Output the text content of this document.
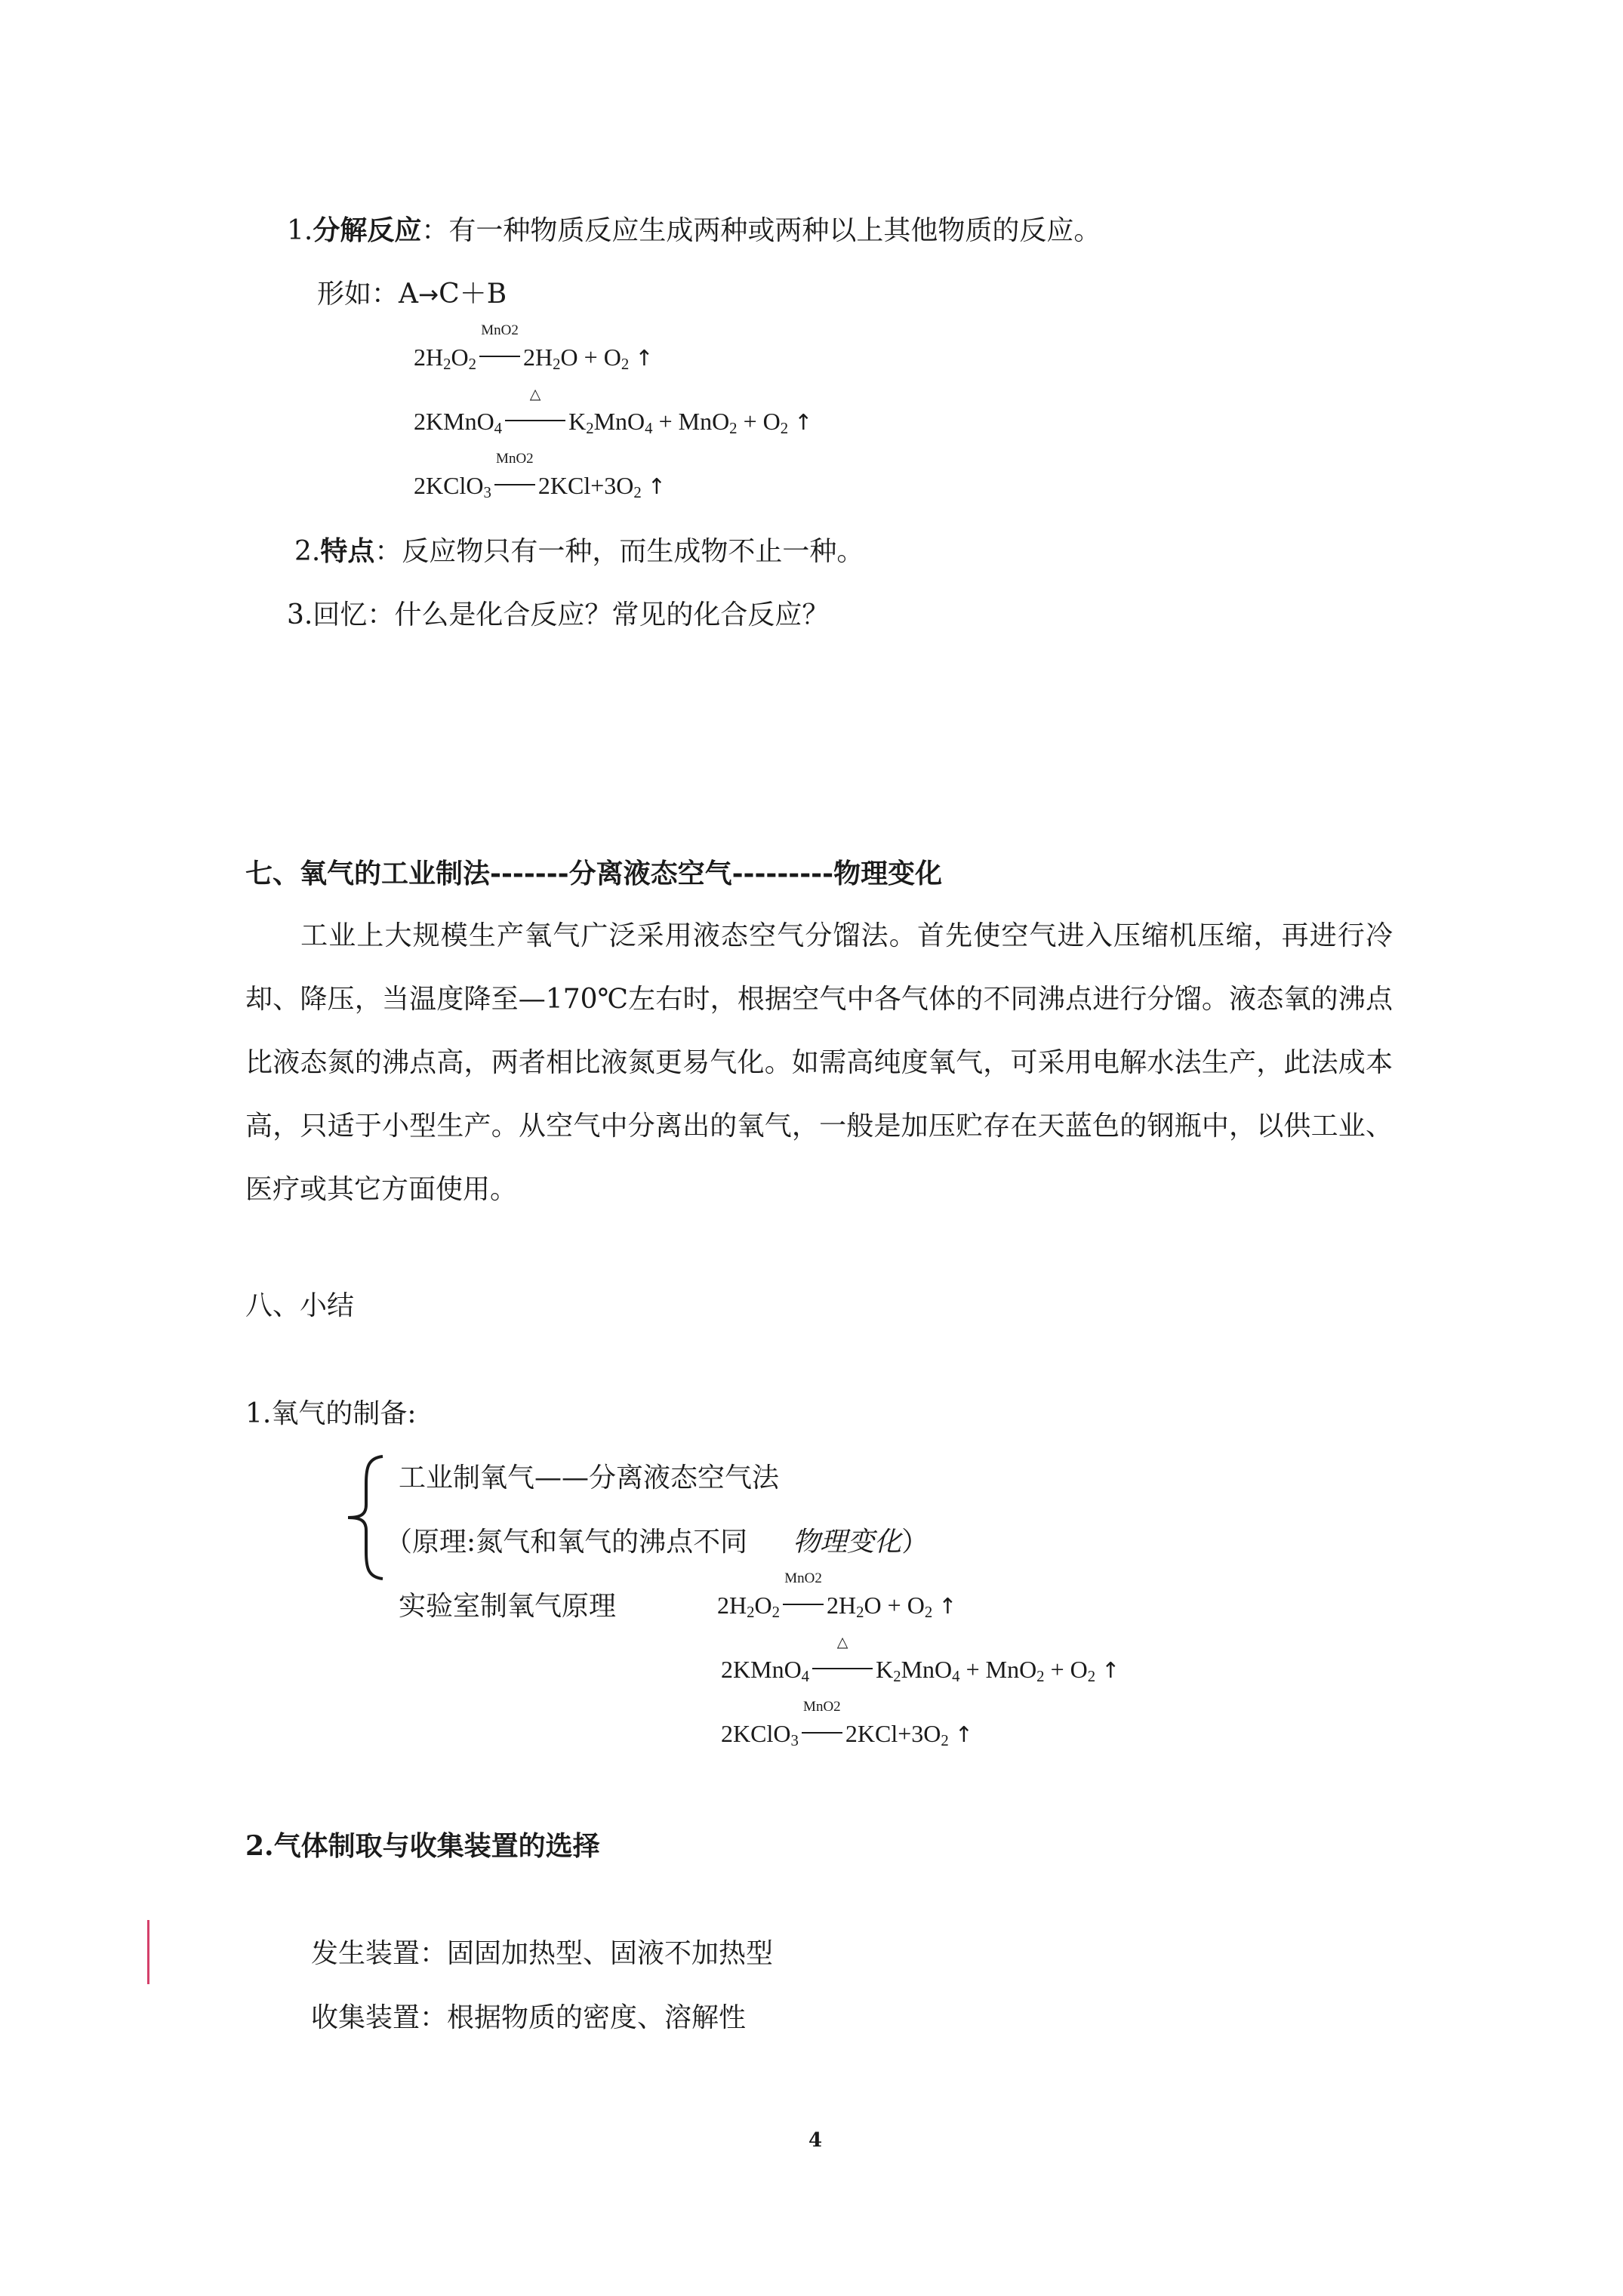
1.分解反应：有一种物质反应生成两种或两种以上其他物质的反应。
形如：A→C＋B
$2H_2O_2$
MnO2
$2H_2O + O_2$ ↑
2KMnO$_4$
△
$K_2MnO_4 + MnO_2 + O_2$ ↑
2KClO$_3$
MnO2
$2KCl+3O_2$ ↑
2.特点：反应物只有一种，而生成物不止一种。
3.回忆：什么是化合反应？常见的化合反应？
七、氧气的工业制法-------分离液态空气---------物理变化
工业上大规模生产氧气广泛采用液态空气分馏法。首先使空气进入压缩机压缩，再进行冷却、降压，当温度降至—170℃左右时，根据空气中各气体的不同沸点进行分馏。液态氧的沸点比液态氮的沸点高，两者相比液氮更易气化。如需高纯度氧气，可采用电解水法生产，此法成本高，只适于小型生产。从空气中分离出的氧气，一般是加压贮存在天蓝色的钢瓶中，以供工业、医疗或其它方面使用。
八、小结
1.氧气的制备:
工业制氧气——分离液态空气法
（原理:氮气和氧气的沸点不同 物理变化）
实验室制氧气原理	$2H_2O_2$
MnO2
$2H_2O + O_2$ ↑
2KMnO$_4$
△
$K_2MnO_4 + MnO_2 + O_2$ ↑
2KClO$_3$
MnO2
$2KCl+3O_2$ ↑
2.气体制取与收集装置的选择
发生装置：固固加热型、固液不加热型
收集装置：根据物质的密度、溶解性
4
